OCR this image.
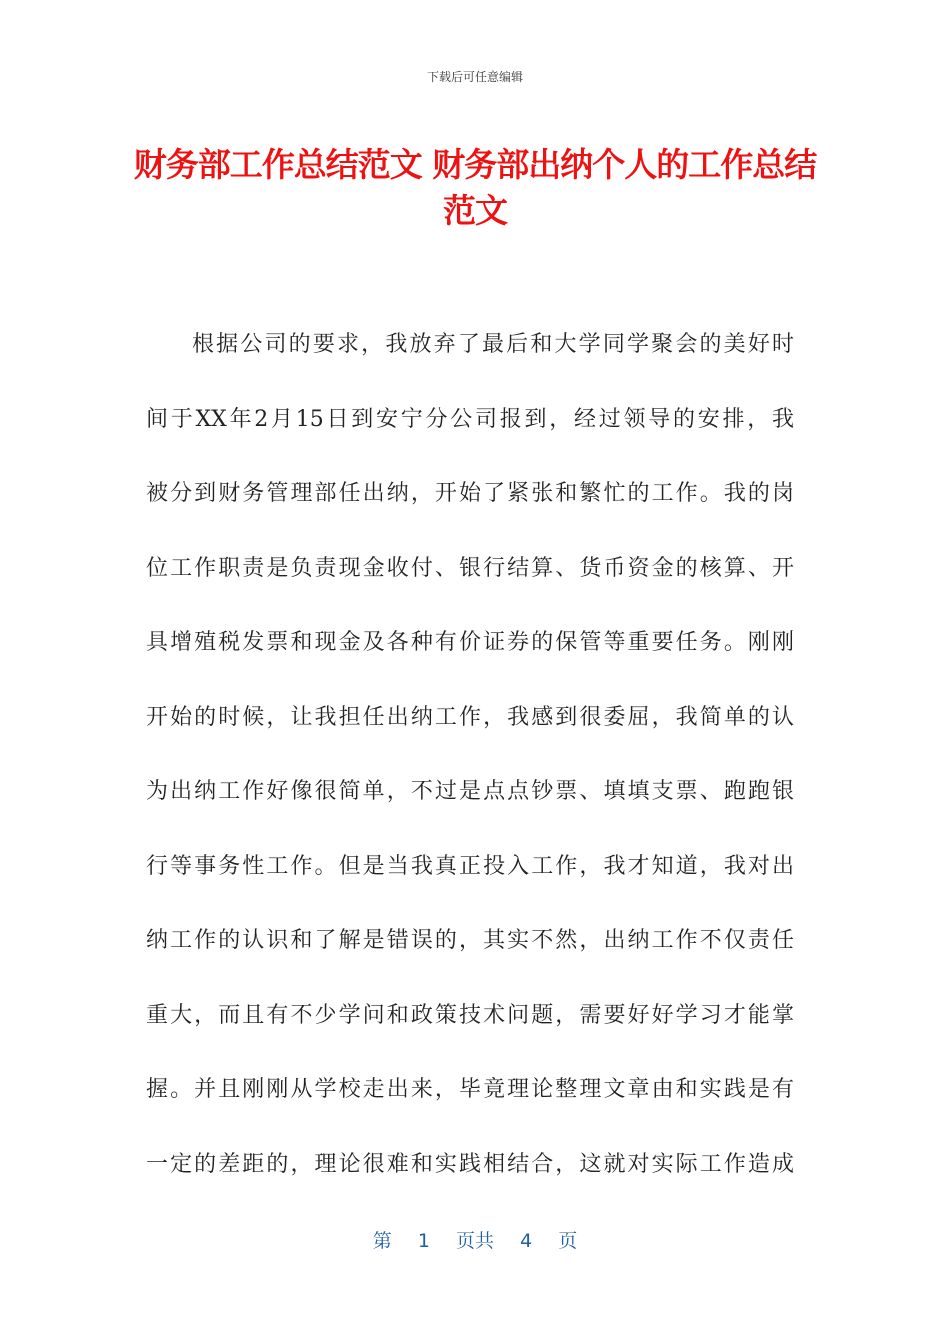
下载后可任意编辑
财务部工作总结范文 财务部出纳个人的工作总结范文
根据公司的要求，我放弃了最后和大学同学聚会的美好时
间于XX年2月15日到安宁分公司报到，经过领导的安排，我
被分到财务管理部任出纳，开始了紧张和繁忙的工作。我的岗
位工作职责是负责现金收付、银行结算、货币资金的核算、开
具增殖税发票和现金及各种有价证券的保管等重要任务。刚刚
开始的时候，让我担任出纳工作，我感到很委屈，我简单的认
为出纳工作好像很简单，不过是点点钞票、填填支票、跑跑银
行等事务性工作。但是当我真正投入工作，我才知道，我对出
纳工作的认识和了解是错误的，其实不然，出纳工作不仅责任
重大，而且有不少学问和政策技术问题，需要好好学习才能掌
握。并且刚刚从学校走出来，毕竟理论整理文章由和实践是有
一定的差距的，理论很难和实践相结合，这就对实际工作造成
第 1 页共 4 页
